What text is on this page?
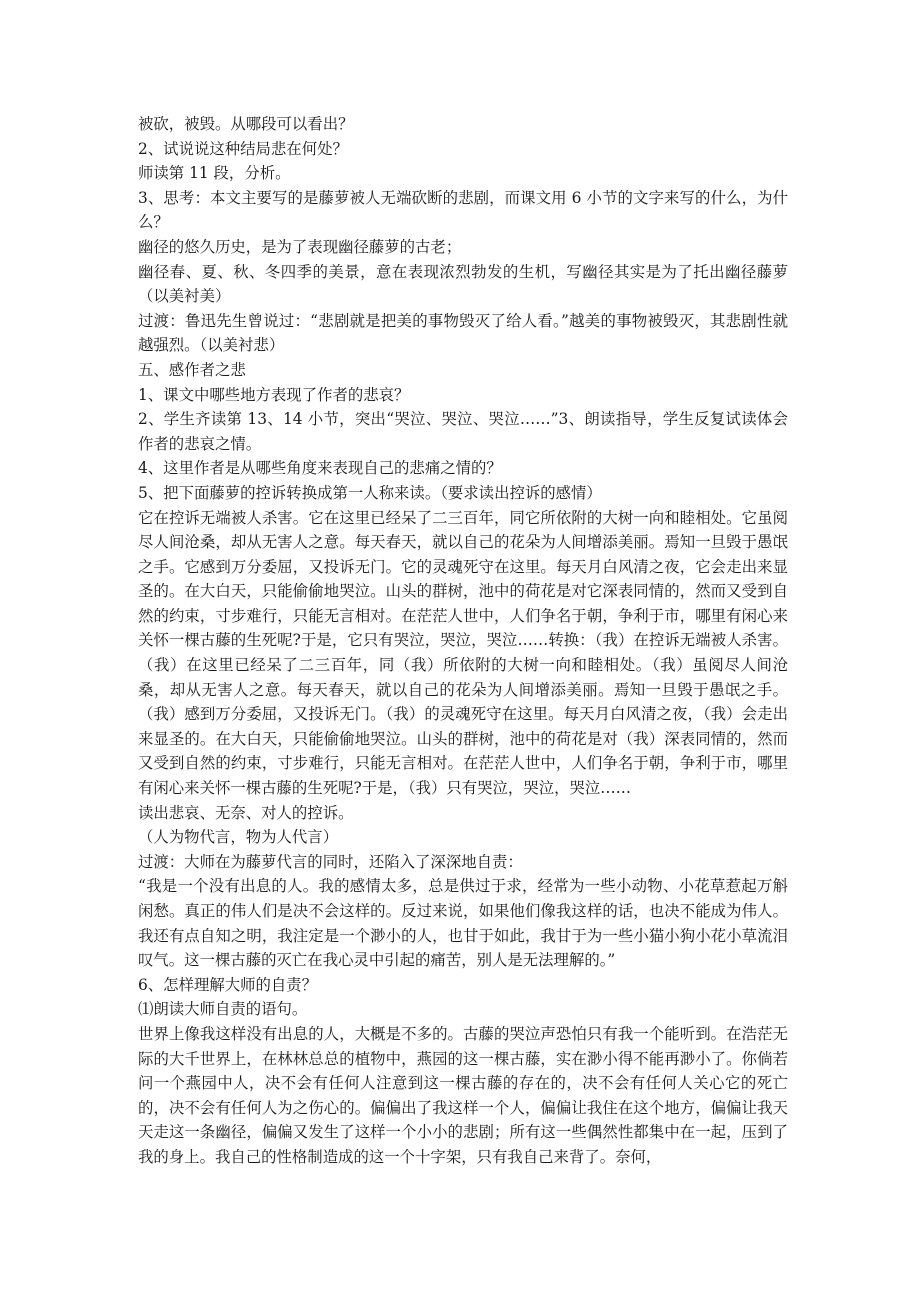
被砍，被毁。从哪段可以看出？

2、试说说这种结局悲在何处？

师读第 11 段，分析。

3、思考：本文主要写的是藤萝被人无端砍断的悲剧，而课文用 6 小节的文字来写的什么，为什么？

幽径的悠久历史，是为了表现幽径藤萝的古老；

幽径春、夏、秋、冬四季的美景，意在表现浓烈勃发的生机，写幽径其实是为了托出幽径藤萝（以美衬美）

过渡：鲁迅先生曾说过：“悲剧就是把美的事物毁灭了给人看。”越美的事物被毁灭，其悲剧性就越强烈。（以美衬悲）

五、感作者之悲

1、课文中哪些地方表现了作者的悲哀？

2、学生齐读第 13、14 小节，突出“哭泣、哭泣、哭泣……”3、朗读指导，学生反复试读体会作者的悲哀之情。

4、这里作者是从哪些角度来表现自己的悲痛之情的？

5、把下面藤萝的控诉转换成第一人称来读。（要求读出控诉的感情）

它在控诉无端被人杀害。它在这里已经呆了二三百年，同它所依附的大树一向和睦相处。它虽阅尽人间沧桑，却从无害人之意。每天春天，就以自己的花朵为人间增添美丽。焉知一旦毁于愚氓之手。它感到万分委屈，又投诉无门。它的灵魂死守在这里。每天月白风清之夜，它会走出来显圣的。在大白天，只能偷偷地哭泣。山头的群树，池中的荷花是对它深表同情的，然而又受到自然的约束，寸步难行，只能无言相对。在茫茫人世中，人们争名于朝，争利于市，哪里有闲心来关怀一棵古藤的生死呢?于是，它只有哭泣，哭泣，哭泣……转换：（我）在控诉无端被人杀害。（我）在这里已经呆了二三百年，同（我）所依附的大树一向和睦相处。（我）虽阅尽人间沧桑，却从无害人之意。每天春天，就以自己的花朵为人间增添美丽。焉知一旦毁于愚氓之手。（我）感到万分委屈，又投诉无门。（我）的灵魂死守在这里。每天月白风清之夜，（我）会走出来显圣的。在大白天，只能偷偷地哭泣。山头的群树，池中的荷花是对（我）深表同情的，然而又受到自然的约束，寸步难行，只能无言相对。在茫茫人世中，人们争名于朝，争利于市，哪里有闲心来关怀一棵古藤的生死呢?于是，（我）只有哭泣，哭泣，哭泣……

读出悲哀、无奈、对人的控诉。

（人为物代言，物为人代言）

过渡：大师在为藤萝代言的同时，还陷入了深深地自责：

“我是一个没有出息的人。我的感情太多，总是供过于求，经常为一些小动物、小花草惹起万斛闲愁。真正的伟人们是决不会这样的。反过来说，如果他们像我这样的话，也决不能成为伟人。我还有点自知之明，我注定是一个渺小的人，也甘于如此，我甘于为一些小猫小狗小花小草流泪叹气。这一棵古藤的灭亡在我心灵中引起的痛苦，别人是无法理解的。”

6、怎样理解大师的自责？

⑴朗读大师自责的语句。

世界上像我这样没有出息的人，大概是不多的。古藤的哭泣声恐怕只有我一个能听到。在浩茫无际的大千世界上，在林林总总的植物中，燕园的这一棵古藤，实在渺小得不能再渺小了。你倘若问一个燕园中人，决不会有任何人注意到这一棵古藤的存在的，决不会有任何人关心它的死亡的，决不会有任何人为之伤心的。偏偏出了我这样一个人，偏偏让我住在这个地方，偏偏让我天天走这一条幽径，偏偏又发生了这样一个小小的悲剧；所有这一些偶然性都集中在一起，压到了我的身上。我自己的性格制造成的这一个十字架，只有我自己来背了。奈何，
